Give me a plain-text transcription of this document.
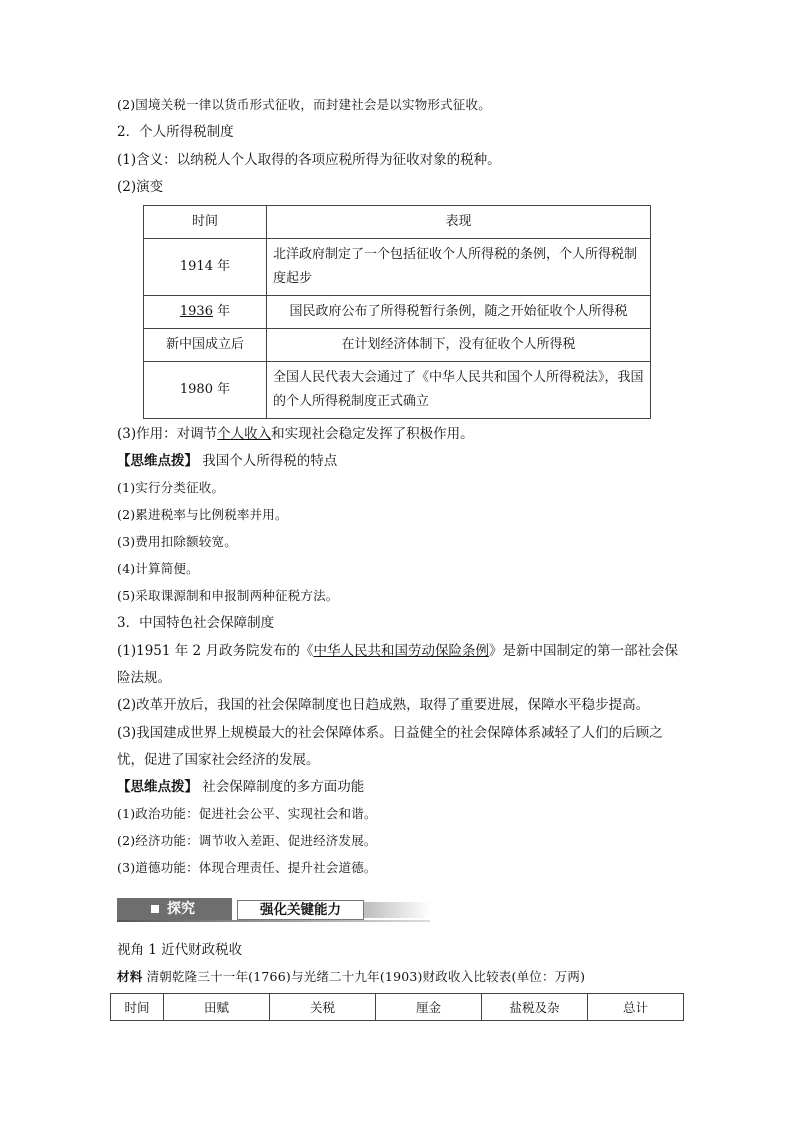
(2)国境关税一律以货币形式征收，而封建社会是以实物形式征收。
2．个人所得税制度
(1)含义：以纳税人个人取得的各项应税所得为征收对象的税种。
(2)演变
时间	表现
1914 年	北洋政府制定了一个包括征收个人所得税的条例，个人所得税制度起步
1936 年	国民政府公布了所得税暂行条例，随之开始征收个人所得税
新中国成立后	在计划经济体制下，没有征收个人所得税
1980 年	全国人民代表大会通过了《中华人民共和国个人所得税法》，我国的个人所得税制度正式确立
(3)作用：对调节个人收入和实现社会稳定发挥了积极作用。
【思维点拨】 我国个人所得税的特点
(1)实行分类征收。
(2)累进税率与比例税率并用。
(3)费用扣除额较宽。
(4)计算简便。
(5)采取课源制和申报制两种征税方法。
3．中国特色社会保障制度
(1)1951 年 2 月政务院发布的《中华人民共和国劳动保险条例》是新中国制定的第一部社会保
险法规。
(2)改革开放后，我国的社会保障制度也日趋成熟，取得了重要进展，保障水平稳步提高。
(3)我国建成世界上规模最大的社会保障体系。日益健全的社会保障体系减轻了人们的后顾之
忧，促进了国家社会经济的发展。
【思维点拨】 社会保障制度的多方面功能
(1)政治功能：促进社会公平、实现社会和谐。
(2)经济功能：调节收入差距、促进经济发展。
(3)道德功能：体现合理责任、提升社会道德。
探究	强化关键能力
视角 1 近代财政税收
材料 清朝乾隆三十一年(1766)与光绪二十九年(1903)财政收入比较表(单位：万两)
时间	田赋	关税	厘金	盐税及杂	总计
